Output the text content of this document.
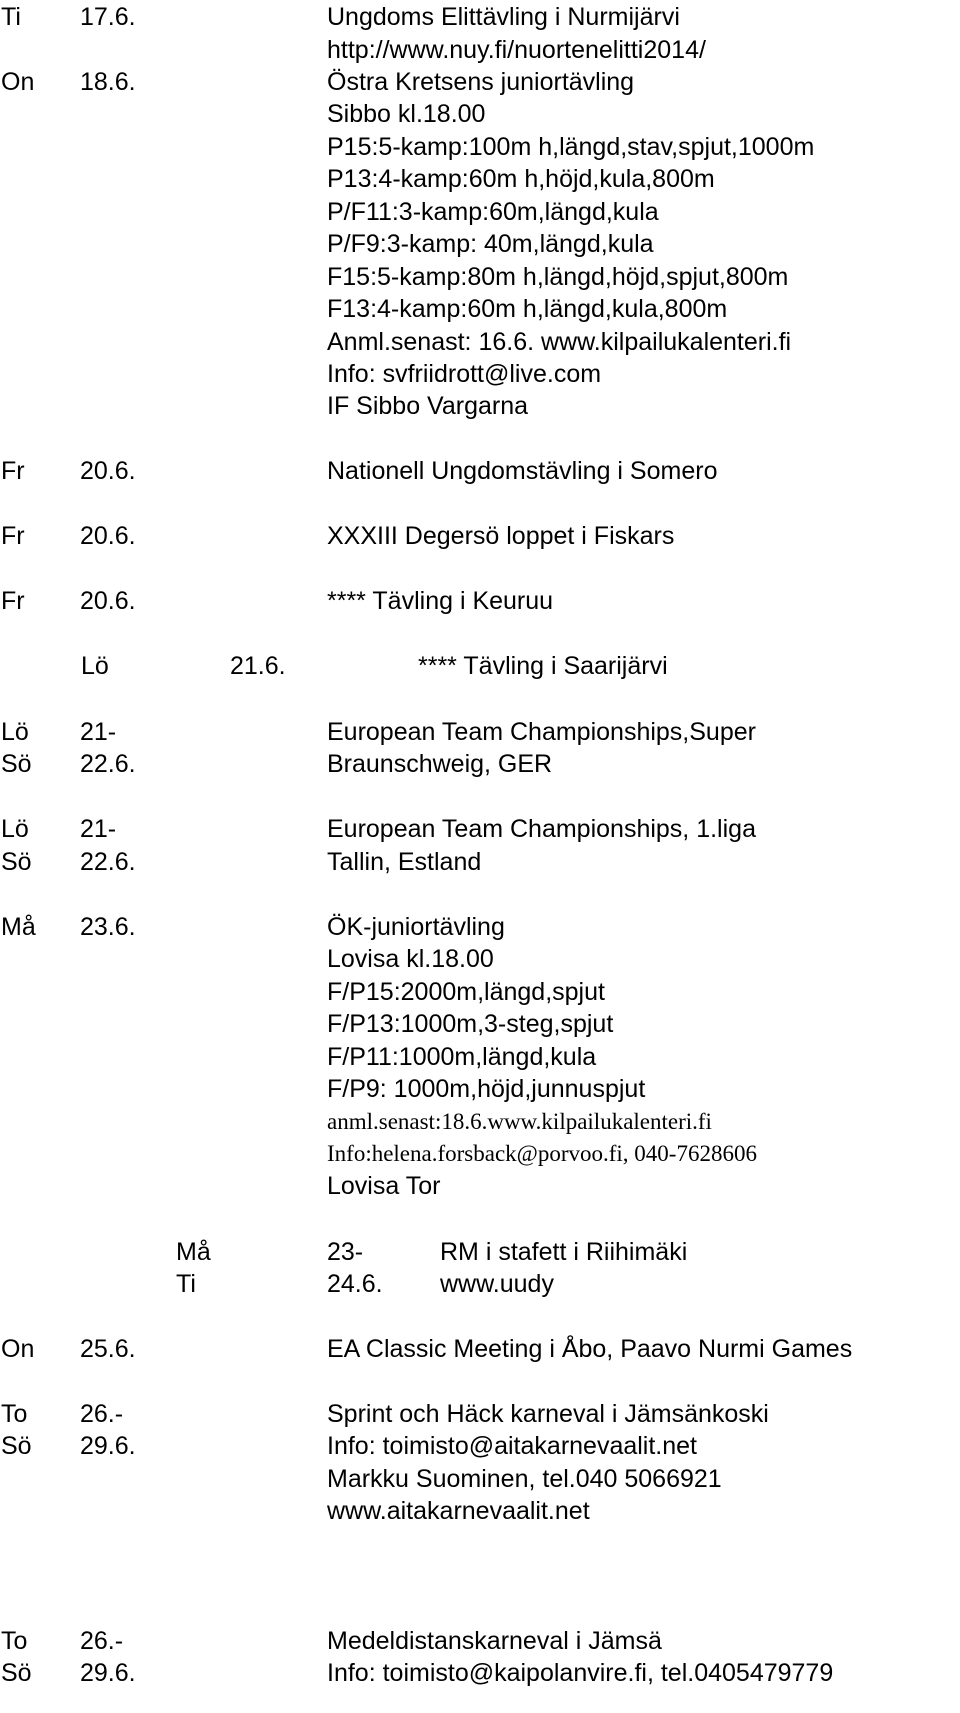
Ti 17.6.	Ungdoms Elittävling i Nurmijärvi
http://www.nuy.fi/nuortenelitti2014/
On 18.6.	Östra Kretsens juniortävling
Sibbo kl.18.00
P15:5-kamp:100m h,längd,stav,spjut,1000m
P13:4-kamp:60m h,höjd,kula,800m
P/F11:3-kamp:60m,längd,kula
P/F9:3-kamp: 40m,längd,kula
F15:5-kamp:80m h,längd,höjd,spjut,800m
F13:4-kamp:60m h,längd,kula,800m
Anml.senast: 16.6. www.kilpailukalenteri.fi
Info: svfriidrott@live.com
IF Sibbo Vargarna
Fr 20.6.	Nationell Ungdomstävling i Somero
Fr 20.6.	XXXIII Degersö loppet i Fiskars
Fr 20.6.	**** Tävling i Keuruu
Lö	21.6.	**** Tävling i Saarijärvi
Lö 21-	European Team Championships,Super
Sö 22.6.	Braunschweig, GER
Lö 21-	European Team Championships, 1.liga
Sö 22.6.	Tallin, Estland
Må 23.6.	ÖK-juniortävling
Lovisa kl.18.00
F/P15:2000m,längd,spjut
F/P13:1000m,3-steg,spjut
F/P11:1000m,längd,kula
F/P9: 1000m,höjd,junnuspjut
anml.senast:18.6.www.kilpailukalenteri.fi
Info:helena.forsback@porvoo.fi, 040-7628606
Lovisa Tor
Må	23-	RM i stafett i Riihimäki
Ti	24.6. www.uudy
On 25.6.	EA Classic Meeting i Åbo, Paavo Nurmi Games
To 26.-	Sprint och Häck karneval i Jämsänkoski
Sö 29.6.	Info: toimisto@aitakarnevaalit.net
Markku Suominen, tel.040 5066921
www.aitakarnevaalit.net
To 26.-	Medeldistanskarneval i Jämsä
Sö 29.6.	Info: toimisto@kaipolanvire.fi, tel.0405479779
